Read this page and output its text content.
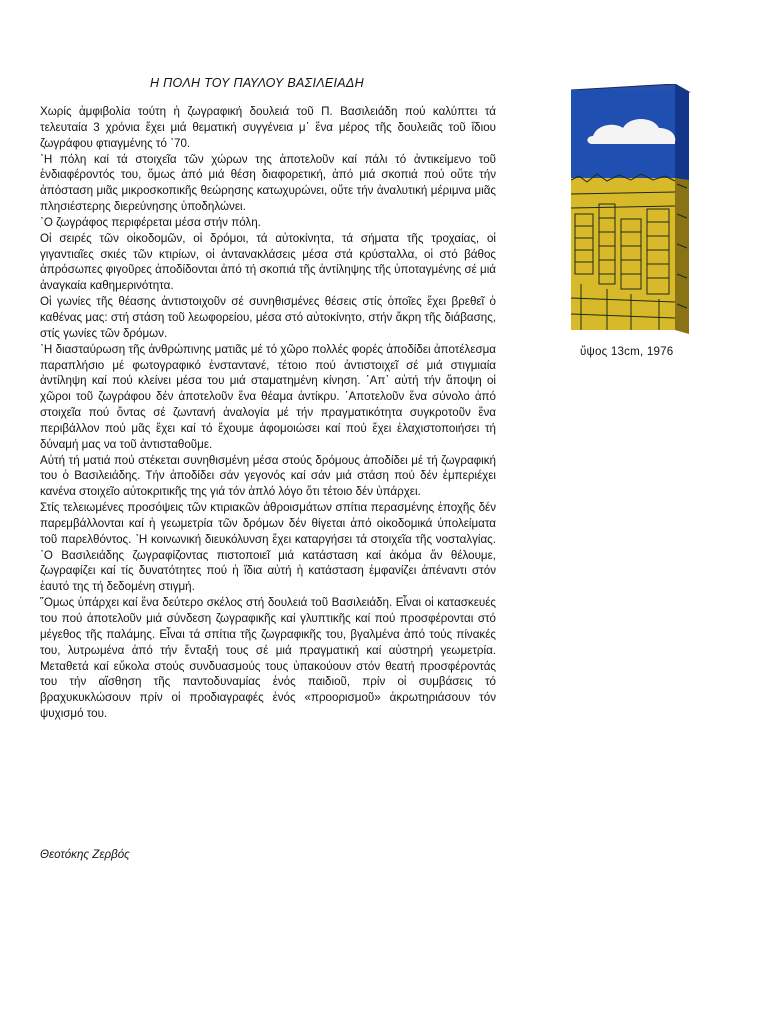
Η ΠΟΛΗ ΤΟΥ ΠΑΥΛΟΥ ΒΑΣΙΛΕΙΑΔΗ

Χωρίς ἀμφιβολία τούτη ἡ ζωγραφική δουλειά τοῦ Π. Βασιλειάδη πού καλύπτει τά τελευταία 3 χρόνια ἔχει μιά θεματική συγγένεια μ᾽ ἕνα μέρος τῆς δουλειᾶς τοῦ ἴδιου ζωγράφου φτιαγμένης τό ᾽70.

᾽Η πόλη καί τά στοιχεῖα τῶν χώρων της ἀποτελοῦν καί πάλι τό ἀντικείμενο τοῦ ἐνδιαφέροντός του, ὅμως ἀπό μιά θέση διαφορετική, ἀπό μιά σκοπιά πού οὔτε τήν ἀπόσταση μιᾶς μικροσκοπικῆς θεώρησης κατωχυρώνει, οὔτε τήν ἀναλυτική μέριμνα μιᾶς πλησιέστερης διερεύνησης ὑποδηλώνει.

᾽Ο ζωγράφος περιφέρεται μέσα στήν πόλη.

Οἱ σειρές τῶν οἰκοδομῶν, οἱ δρόμοι, τά αὐτοκίνητα, τά σήματα τῆς τροχαίας, οἱ γιγαντιαῖες σκιές τῶν κτιρίων, οἱ ἀντανακλάσεις μέσα στά κρύσταλλα, οἱ στό βάθος ἀπρόσωπες φιγοῦρες ἀποδίδονται ἀπό τή σκοπιά τῆς ἀντίληψης τῆς ὑποταγμένης σέ μιά ἀναγκαία καθημερινότητα.

Οἱ γωνίες τῆς θέασης ἀντιστοιχοῦν σέ συνηθισμένες θέσεις στίς ὁποῖες ἔχει βρεθεῖ ὁ καθένας μας: στή στάση τοῦ λεωφορείου, μέσα στό αὐτοκίνητο, στήν ἄκρη τῆς διάβασης, στίς γωνίες τῶν δρόμων.

᾽Η διασταύρωση τῆς ἀνθρώπινης ματιᾶς μέ τό χῶρο πολλές φορές ἀποδίδει ἀποτέλεσμα παραπλήσιο μέ φωτογραφικό ἐνσταντανέ, τέτοιο πού ἀντιστοιχεῖ σέ μιά στιγμιαία ἀντίληψη καί πού κλείνει μέσα του μιά σταματημένη κίνηση. ᾽Απ᾽ αὐτή τήν ἄποψη οἱ χῶροι τοῦ ζωγράφου δέν ἀποτελοῦν ἕνα θέαμα ἀντίκρυ. ᾽Αποτελοῦν ἕνα σύνολο ἀπό στοιχεῖα πού ὄντας σέ ζωντανή ἀναλογία μέ τήν πραγματικότητα συγκροτοῦν ἕνα περιβάλλον πού μᾶς ἔχει καί τό ἔχουμε ἀφομοιώσει καί πού ἔχει ἐλαχιστοποιήσει τή δύναμή μας να τοῦ ἀντισταθοῦμε.

Αὐτή τή ματιά πού στέκεται συνηθισμένη μέσα στούς δρόμους ἀποδίδει μέ τή ζωγραφική του ὁ Βασιλειάδης. Τήν ἀποδίδει σάν γεγονός καί σάν μιά στάση πού δέν ἐμπεριέχει κανένα στοιχεῖο αὐτοκριτικῆς της γιά τόν ἁπλό λόγο ὅτι τέτοιο δέν ὑπάρχει.

Στίς τελειωμένες προσόψεις τῶν κτιριακῶν ἀθροισμάτων σπίτια περασμένης ἐποχῆς δέν παρεμβάλλονται καί ἡ γεωμετρία τῶν δρόμων δέν θίγεται ἀπό οἰκοδομικά ὑπολείματα τοῦ παρελθόντος. ᾽Η κοινωνική διευκόλυνση ἔχει καταργήσει τά στοιχεῖα τῆς νοσταλγίας. ᾽Ο Βασιλειάδης ζωγραφίζοντας πιστοποιεῖ μιά κατάσταση καί ἀκόμα ἄν θέλουμε, ζωγραφίζει καί τίς δυνατότητες πού ἡ ἴδια αὐτή ἡ κατάσταση ἐμφανίζει ἀπέναντι στόν ἑαυτό της τή δεδομένη στιγμή.

῞Ομως ὑπάρχει καί ἕνα δεύτερο σκέλος στή δουλειά τοῦ Βασιλειάδη. Εἶναι οἱ κατασκευές του πού ἀποτελοῦν μιά σύνδεση ζωγραφικῆς καί γλυπτικῆς καί πού προσφέρονται στό μέγεθος τῆς παλάμης. Εἶναι τά σπίτια τῆς ζωγραφικῆς του, βγαλμένα ἀπό τούς πίνακές του, λυτρωμένα ἀπό τήν ἔνταξή τους σέ μιά πραγματική καί αὐστηρή γεωμετρία. Μεταθετά καί εὔκολα στούς συνδυασμούς τους ὑπακούουν στόν θεατή προσφέροντάς του τήν αἴσθηση τῆς παντοδυναμίας ἑνός παιδιοῦ, πρίν οἱ συμβάσεις τό βραχυκυκλώσουν πρίν οἱ προδιαγραφές ἑνός «προορισμοῦ» ἀκρωτηριάσουν τόν ψυχισμό του.

Θεοτόκης Ζερβός

ὕψος 13cm, 1976
